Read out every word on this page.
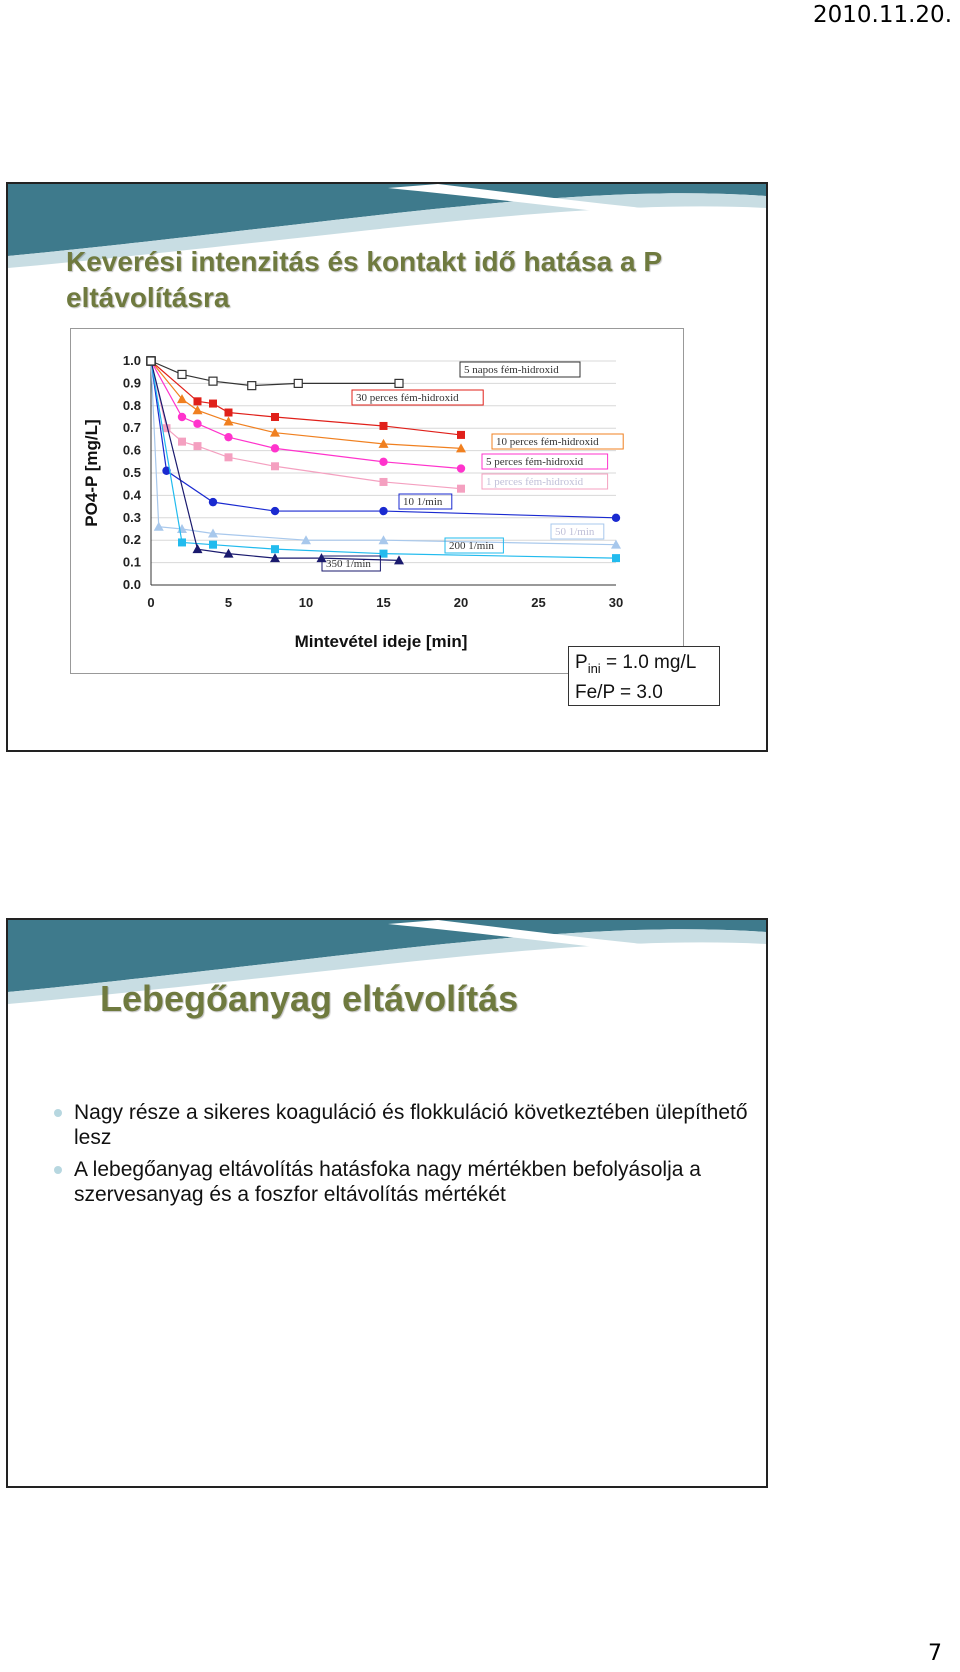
2010.11.20.
Keverési intenzitás és kontakt idő hatása a P eltávolításra
0.0
0.1
0.2
0.3
0.4
0.5
0.6
0.7
0.8
0.9
1.0
0	5	10	15	20	25	30
Mintevétel ideje [min]
PO4-P [mg/L]
5 napos fém-hidroxid
30 perces fém-hidroxid
10 perces fém-hidroxid
5 perces fém-hidroxid
1 perces fém-hidroxid
10 1/min
50 1/min
200 1/min
350 1/min
$P_{ini} = 1.0$ mg/L
Fe/P = 3.0
Lebegőanyag eltávolítás
Nagy része a sikeres koaguláció és flokkuláció következtében ülepíthető lesz
A lebegőanyag eltávolítás hatásfoka nagy mértékben befolyásolja a szervesanyag és a foszfor eltávolítás mértékét
7
